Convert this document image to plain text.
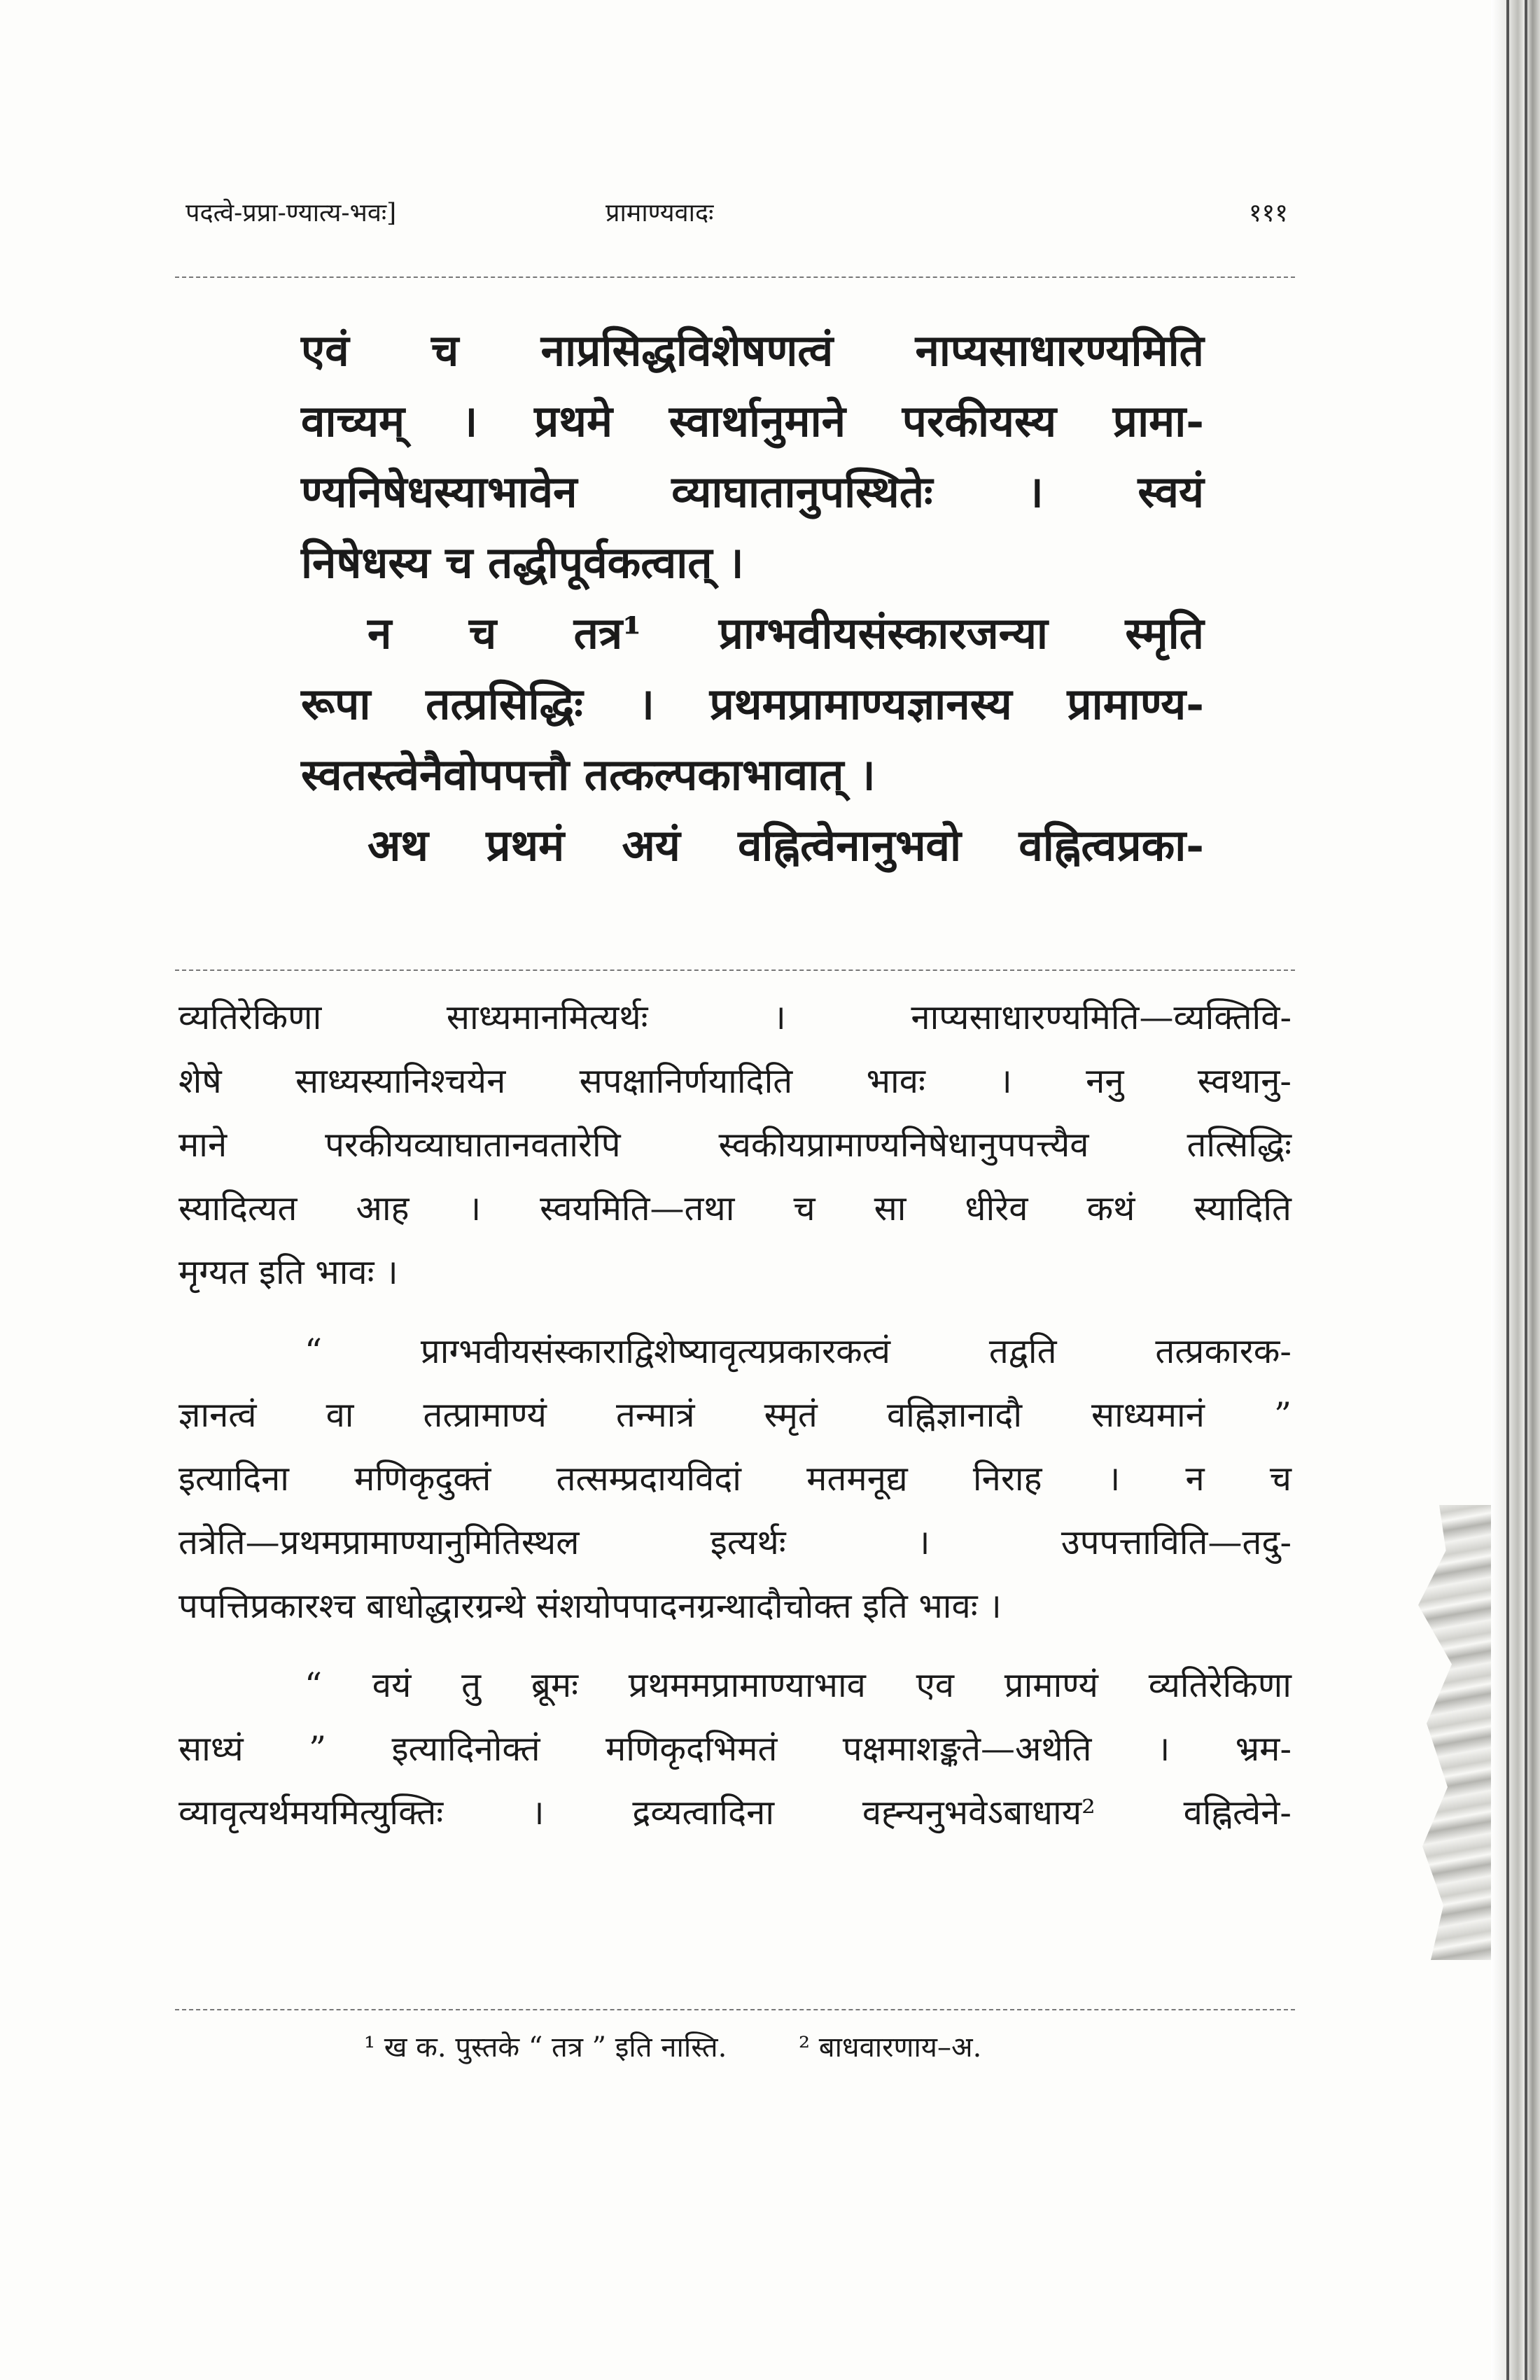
पदत्वे-प्रप्रा-ण्यात्य-भवः]	प्रामाण्यवादः	१११
एवं च नाप्रसिद्धविशेषणत्वं नाप्यसाधारण्यमिति
वाच्यम् । प्रथमे स्वार्थानुमाने परकीयस्य प्रामा-
ण्यनिषेधस्याभावेन व्याघातानुपस्थितेः । स्वयं
निषेधस्य च तद्धीपूर्वकत्वात् ।
न च तत्र¹ प्राग्भवीयसंस्कारजन्या स्मृति
रूपा तत्प्रसिद्धिः । प्रथमप्रामाण्यज्ञानस्य प्रामाण्य-
स्वतस्त्वेनैवोपपत्तौ तत्कल्पकाभावात् ।
अथ प्रथमं अयं वह्नित्वेनानुभवो वह्नित्वप्रका-
व्यतिरेकिणा साध्यमानमित्यर्थः । नाप्यसाधारण्यमिति—व्यक्तिवि-
शेषे साध्यस्यानिश्चयेन सपक्षानिर्णयादिति भावः । ननु स्वथानु-
माने परकीयव्याघातानवतारेपि स्वकीयप्रामाण्यनिषेधानुपपत्त्यैव तत्सिद्धिः
स्यादित्यत आह । स्वयमिति—तथा च सा धीरेव कथं स्यादिति
मृग्यत इति भावः ।
“ प्राग्भवीयसंस्काराद्विशेष्यावृत्यप्रकारकत्वं तद्वति तत्प्रकारक-
ज्ञानत्वं वा तत्प्रामाण्यं तन्मात्रं स्मृतं वह्निज्ञानादौ साध्यमानं ”
इत्यादिना मणिकृदुक्तं तत्सम्प्रदायविदां मतमनूद्य निराह । न च
तत्रेति—प्रथमप्रामाण्यानुमितिस्थल इत्यर्थः । उपपत्ताविति—तदु-
पपत्तिप्रकारश्च बाधोद्धारग्रन्थे संशयोपपादनग्रन्थादौचोक्त इति भावः ।
“ वयं तु ब्रूमः प्रथममप्रामाण्याभाव एव प्रामाण्यं व्यतिरेकिणा
साध्यं ” इत्यादिनोक्तं मणिकृदभिमतं पक्षमाशङ्कते—अथेति । भ्रम-
व्यावृत्यर्थमयमित्युक्तिः । द्रव्यत्वादिना वह्न्यनुभवेऽबाधाय² वह्नित्वेने-
¹ ख क. पुस्तके “ तत्र ” इति नास्ति.	² बाधवारणाय–अ.
